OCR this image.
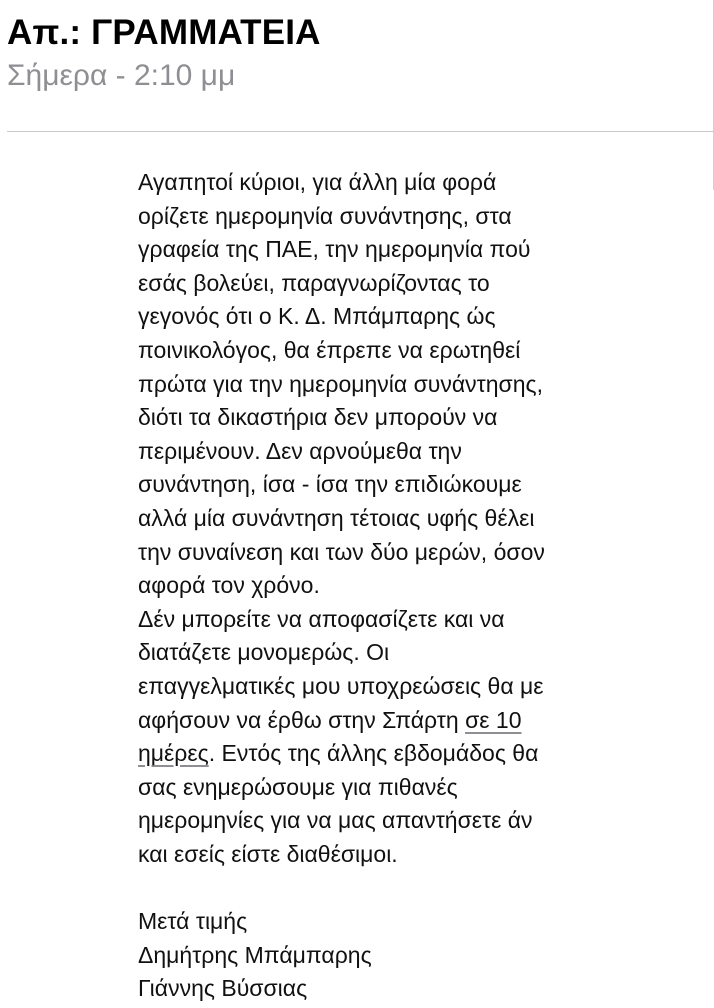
Απ.: ΓΡΑΜΜΑΤΕΙΑ
Σήμερα - 2:10 μμ
Αγαπητοί κύριοι, για άλλη μία φορά
ορίζετε ημερομηνία συνάντησης, στα
γραφεία της ΠΑΕ, την ημερομηνία πού
εσάς βολεύει, παραγνωρίζοντας το
γεγονός ότι ο Κ. Δ. Μπάμπαρης ώς
ποινικολόγος, θα έπρεπε να ερωτηθεί
πρώτα για την ημερομηνία συνάντησης,
διότι τα δικαστήρια δεν μπορούν να
περιμένουν. Δεν αρνούμεθα την
συνάντηση, ίσα - ίσα την επιδιώκουμε
αλλά μία συνάντηση τέτοιας υφής θέλει
την συναίνεση και των δύο μερών, όσον
αφορά τον χρόνο.
Δέν μπορείτε να αποφασίζετε και να
διατάζετε μονομερώς. Οι
επαγγελματικές μου υποχρεώσεις θα με
αφήσουν να έρθω στην Σπάρτη σε 10
ημέρες. Εντός της άλλης εβδομάδος θα
σας ενημερώσουμε για πιθανές
ημερομηνίες για να μας απαντήσετε άν
και εσείς είστε διαθέσιμοι.
Μετά τιμής
Δημήτρης Μπάμπαρης
Γιάννης Βύσσιας
